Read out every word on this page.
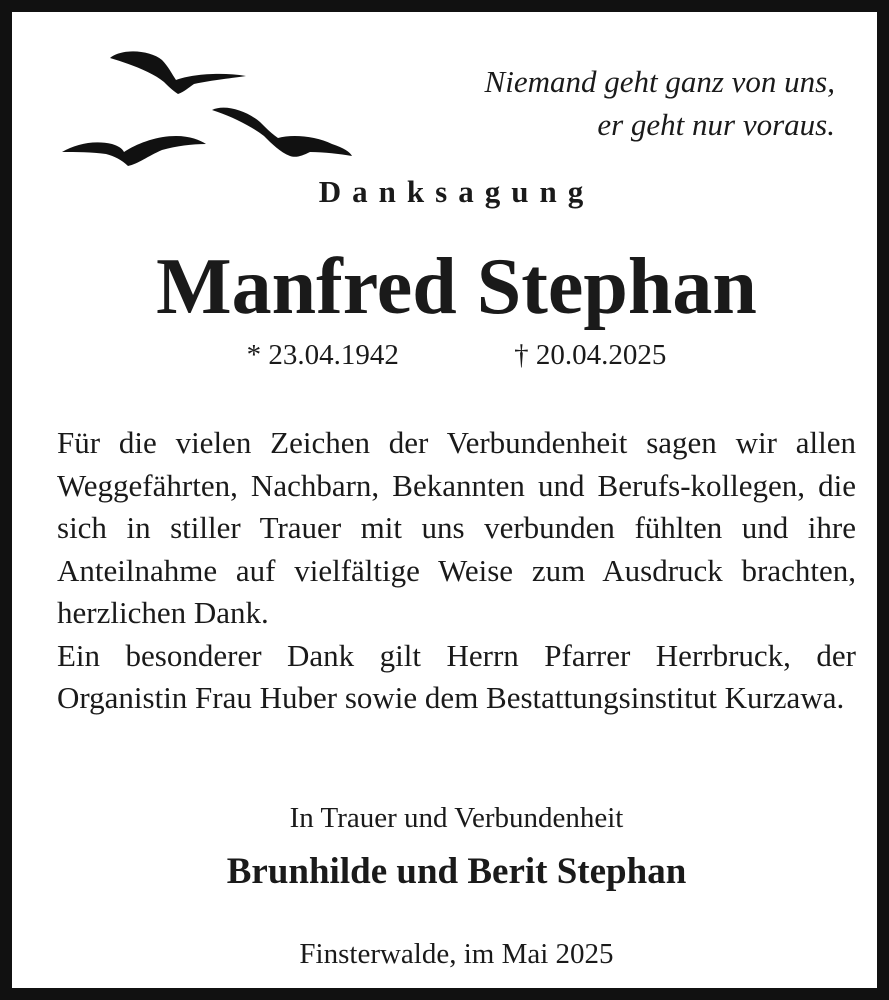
Niemand geht ganz von uns,
er geht nur voraus.
Danksagung
Manfred Stephan
* 23.04.1942	† 20.04.2025

Für die vielen Zeichen der Verbundenheit sagen wir allen Weggefährten, Nachbarn, Bekannten und Berufs-kollegen, die sich in stiller Trauer mit uns verbunden fühlten und ihre Anteilnahme auf vielfältige Weise zum Ausdruck brachten, herzlichen Dank.

Ein besonderer Dank gilt Herrn Pfarrer Herrbruck, der Organistin Frau Huber sowie dem Bestattungsinstitut Kurzawa.

In Trauer und Verbundenheit
Brunhilde und Berit Stephan
Finsterwalde, im Mai 2025
